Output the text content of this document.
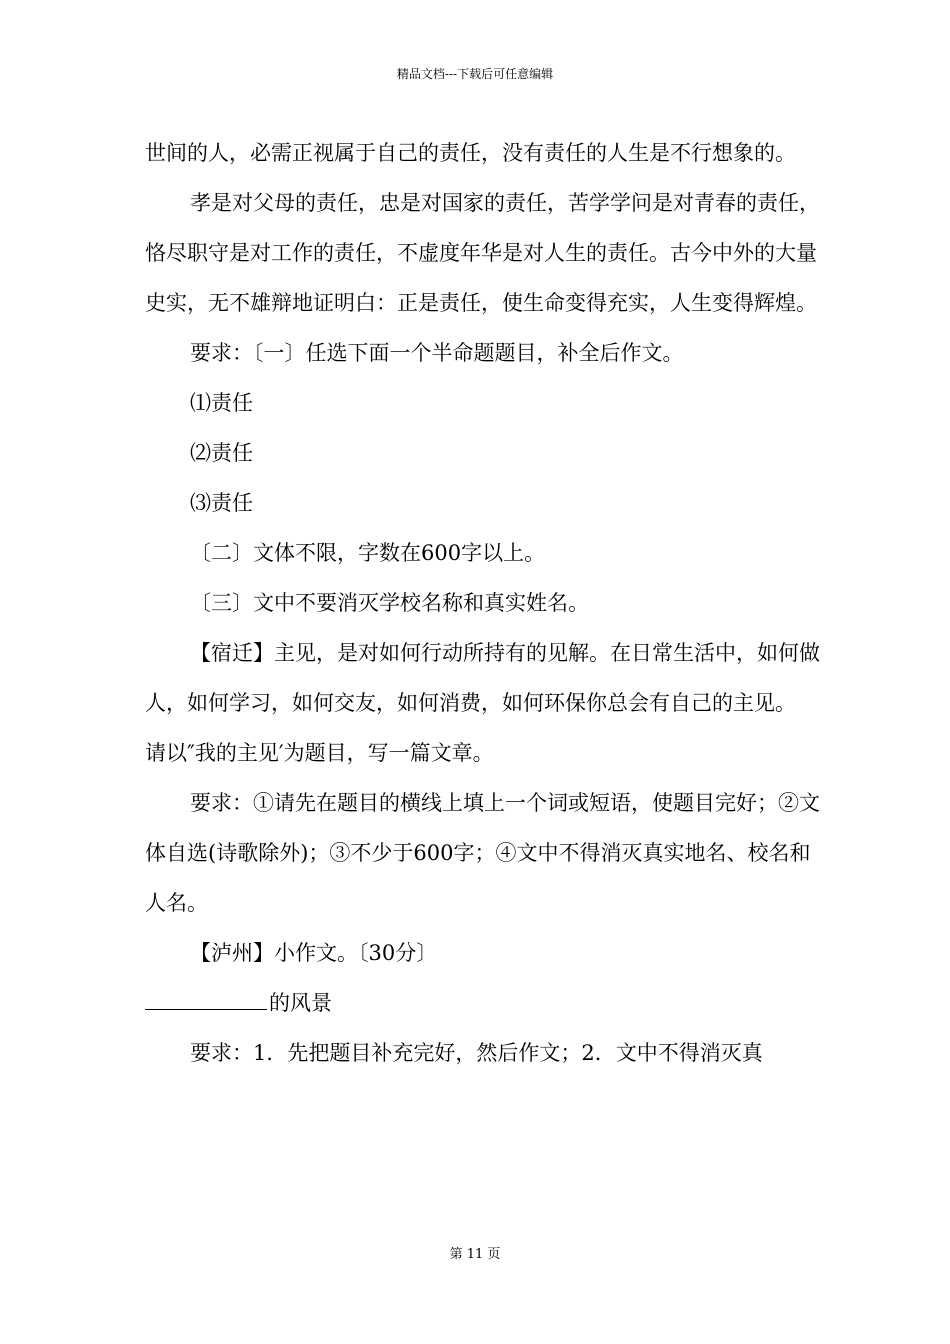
精品文档---下载后可任意编辑

世间的人，必需正视属于自己的责任，没有责任的人生是不行想象的。

孝是对父母的责任，忠是对国家的责任，苦学学问是对青春的责任，恪尽职守是对工作的责任，不虚度年华是对人生的责任。古今中外的大量史实，无不雄辩地证明白：正是责任，使生命变得充实，人生变得辉煌。

要求：〔一〕任选下面一个半命题题目，补全后作文。

⑴责任

⑵责任

⑶责任

〔二〕文体不限，字数在600字以上。

〔三〕文中不要消灭学校名称和真实姓名。

【宿迁】主见，是对如何行动所持有的见解。在日常生活中，如何做人，如何学习，如何交友，如何消费，如何环保你总会有自己的主见。

请以″我的主见′为题目，写一篇文章。

要求：①请先在题目的横线上填上一个词或短语，使题目完好；②文体自选(诗歌除外)；③不少于600字；④文中不得消灭真实地名、校名和人名。

【泸州】小作文。〔30分〕

的风景

要求：1．先把题目补充完好，然后作文；2．文中不得消灭真

第 11 页
